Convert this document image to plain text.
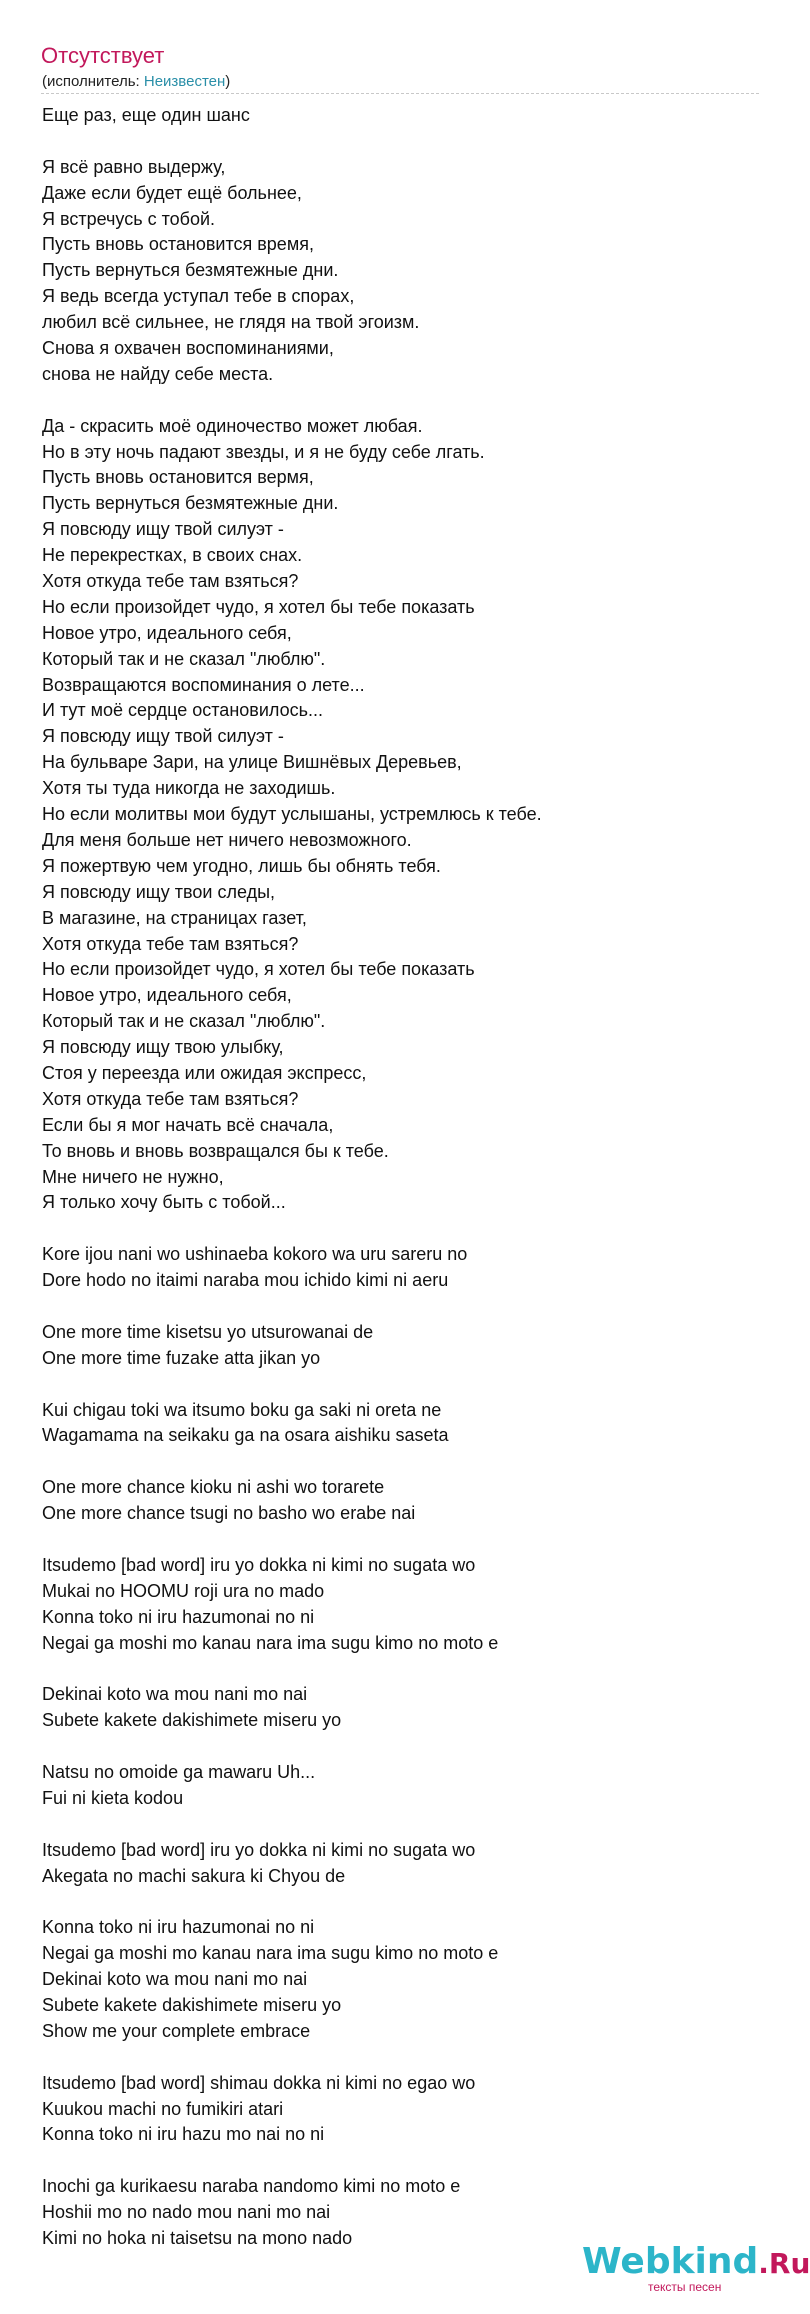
Отсутствует
(исполнитель: Неизвестен)
Еще раз, еще один шанс
Я всё равно выдержу,
Даже если будет ещё больнее,
Я встречусь с тобой.
Пусть вновь остановится время,
Пусть вернуться безмятежные дни.
Я ведь всегда уступал тебе в спорах,
любил всё сильнее, не глядя на твой эгоизм.
Снова я охвачен воспоминаниями,
снова не найду себе места.
Да - скрасить моё одиночество может любая.
Но в эту ночь падают звезды, и я не буду себе лгать.
Пусть вновь остановится вермя,
Пусть вернуться безмятежные дни.
Я повсюду ищу твой силуэт -
Не перекрестках, в своих снах.
Хотя откуда тебе там взяться?
Но если произойдет чудо, я хотел бы тебе показать
Новое утро, идеального себя,
Который так и не сказал "люблю".
Возвращаются воспоминания о лете...
И тут моё сердце остановилось...
Я повсюду ищу твой силуэт -
На бульваре Зари, на улице Вишнёвых Деревьев,
Хотя ты туда никогда не заходишь.
Но если молитвы мои будут услышаны, устремлюсь к тебе.
Для меня больше нет ничего невозможного.
Я пожертвую чем угодно, лишь бы обнять тебя.
Я повсюду ищу твои следы,
В магазине, на страницах газет,
Хотя откуда тебе там взяться?
Но если произойдет чудо, я хотел бы тебе показать
Новое утро, идеального себя,
Который так и не сказал "люблю".
Я повсюду ищу твою улыбку,
Стоя у переезда или ожидая экспресс,
Хотя откуда тебе там взяться?
Если бы я мог начать всё сначала,
То вновь и вновь возвращался бы к тебе.
Мне ничего не нужно,
Я только хочу быть с тобой...
Kore ijou nani wo ushinaeba kokoro wa uru sareru no
Dore hodo no itaimi naraba mou ichido kimi ni aeru
One more time kisetsu yo utsurowanai de
One more time fuzake atta jikan yo
Kui chigau toki wa itsumo boku ga saki ni oreta ne
Wagamama na seikaku ga na osara aishiku saseta
One more chance kioku ni ashi wo torarete
One more chance tsugi no basho wo erabe nai
Itsudemo [bad word] iru yo dokka ni kimi no sugata wo
Mukai no HOOMU roji ura no mado
Konna toko ni iru hazumonai no ni
Negai ga moshi mo kanau nara ima sugu kimo no moto e
Dekinai koto wa mou nani mo nai
Subete kakete dakishimete miseru yo
Natsu no omoide ga mawaru Uh...
Fui ni kieta kodou
Itsudemo [bad word] iru yo dokka ni kimi no sugata wo
Akegata no machi sakura ki Chyou de
Konna toko ni iru hazumonai no ni
Negai ga moshi mo kanau nara ima sugu kimo no moto e
Dekinai koto wa mou nani mo nai
Subete kakete dakishimete miseru yo
Show me your complete embrace
Itsudemo [bad word] shimau dokka ni kimi no egao wo
Kuukou machi no fumikiri atari
Konna toko ni iru hazu mo nai no ni
Inochi ga kurikaesu naraba nandomo kimi no moto e
Hoshii mo no nado mou nani mo nai
Kimi no hoka ni taisetsu na mono nado
Webkind.Ru
тексты песен
